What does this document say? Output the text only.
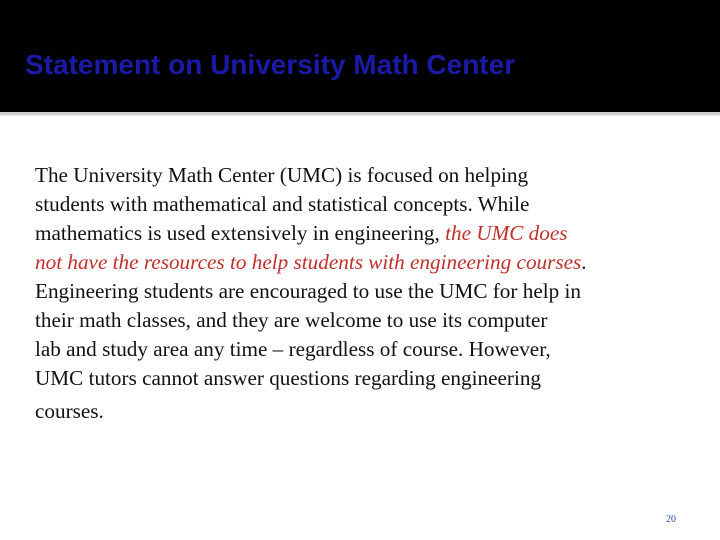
Statement on University Math Center

The University Math Center (UMC) is focused on helping
students with mathematical and statistical concepts. While
mathematics is used extensively in engineering, the UMC does
not have the resources to help students with engineering courses.
Engineering students are encouraged to use the UMC for help in
their math classes, and they are welcome to use its computer
lab and study area any time – regardless of course. However,
UMC tutors cannot answer questions regarding engineering
courses.

20
